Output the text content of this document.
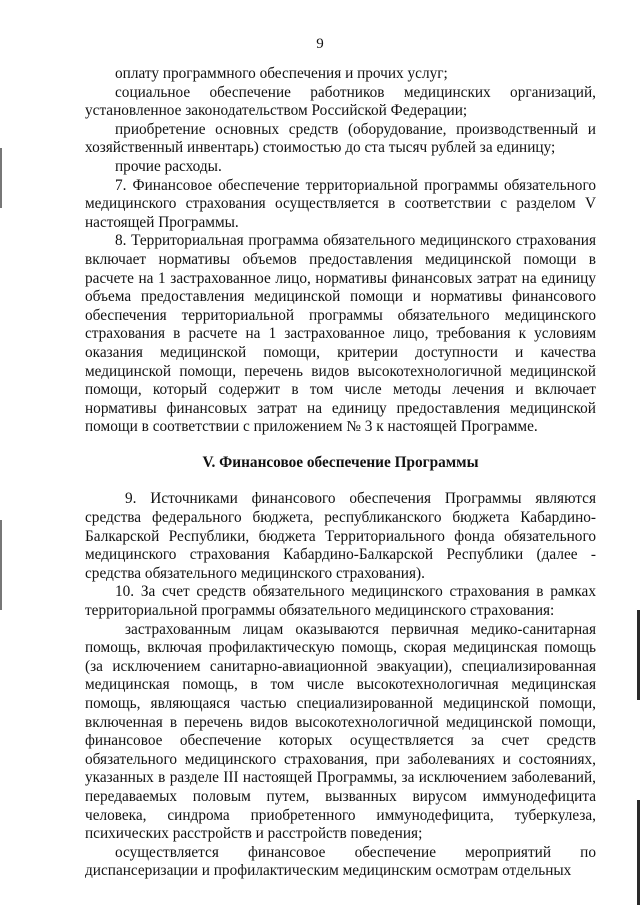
9

оплату программного обеспечения и прочих услуг;

социальное обеспечение работников медицинских организаций, установленное законодательством Российской Федерации;

приобретение основных средств (оборудование, производственный и хозяйственный инвентарь) стоимостью до ста тысяч рублей за единицу;

прочие расходы.

7. Финансовое обеспечение территориальной программы обязательного медицинского страхования осуществляется в соответствии с разделом V настоящей Программы.

8. Территориальная программа обязательного медицинского страхования включает нормативы объемов предоставления медицинской помощи в расчете на 1 застрахованное лицо, нормативы финансовых затрат на единицу объема предоставления медицинской помощи и нормативы финансового обеспечения территориальной программы обязательного медицинского страхования в расчете на 1 застрахованное лицо, требования к условиям оказания медицинской помощи, критерии доступности и качества медицинской помощи, перечень видов высокотехнологичной медицинской помощи, который содержит в том числе методы лечения и включает нормативы финансовых затрат на единицу предоставления медицинской помощи в соответствии с приложением № 3 к настоящей Программе.

V. Финансовое обеспечение Программы

9. Источниками финансового обеспечения Программы являются средства федерального бюджета, республиканского бюджета Кабардино-Балкарской Республики, бюджета Территориального фонда обязательного медицинского страхования Кабардино-Балкарской Республики (далее - средства обязательного медицинского страхования).

10. За счет средств обязательного медицинского страхования в рамках территориальной программы обязательного медицинского страхования:

застрахованным лицам оказываются первичная медико-санитарная помощь, включая профилактическую помощь, скорая медицинская помощь (за исключением санитарно-авиационной эвакуации), специализированная медицинская помощь, в том числе высокотехнологичная медицинская помощь, являющаяся частью специализированной медицинской помощи, включенная в перечень видов высокотехнологичной медицинской помощи, финансовое обеспечение которых осуществляется за счет средств обязательного медицинского страхования, при заболеваниях и состояниях, указанных в разделе III настоящей Программы, за исключением заболеваний, передаваемых половым путем, вызванных вирусом иммунодефицита человека, синдрома приобретенного иммунодефицита, туберкулеза, психических расстройств и расстройств поведения;

осуществляется финансовое обеспечение мероприятий по диспансеризации и профилактическим медицинским осмотрам отдельных
